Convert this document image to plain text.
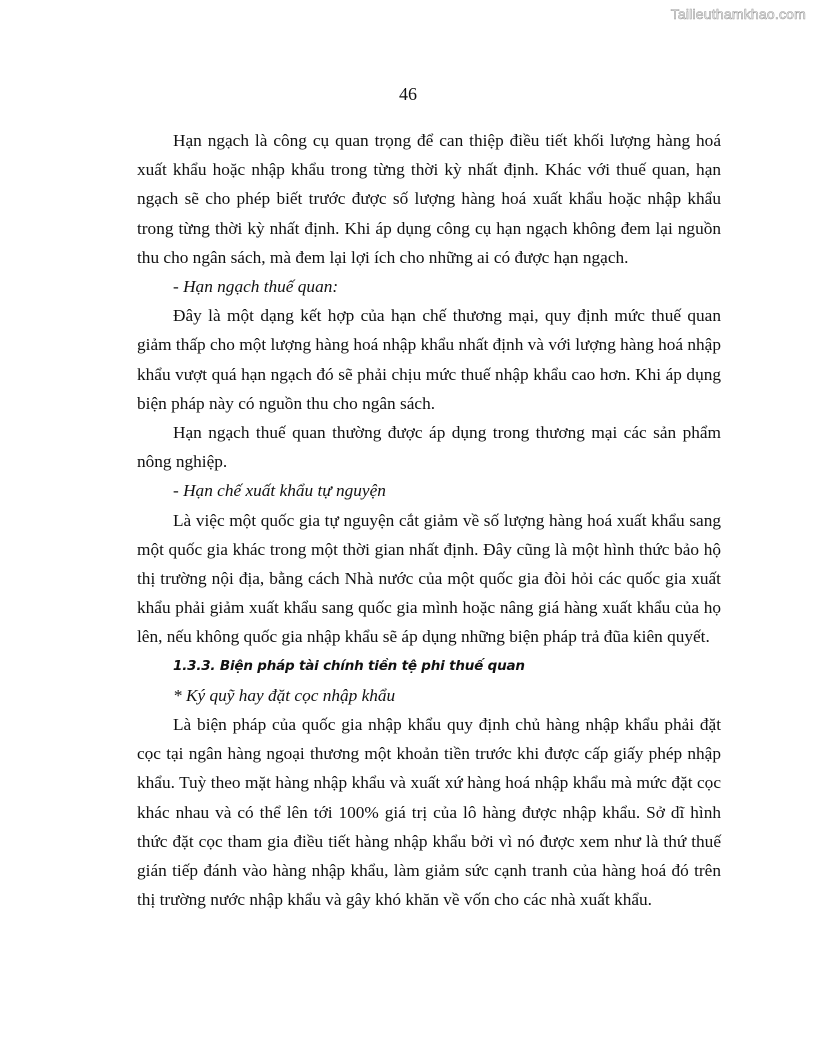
Tailieuthamkhao.com
46

Hạn ngạch là công cụ quan trọng để can thiệp điều tiết khối lượng hàng hoá xuất khẩu hoặc nhập khẩu trong từng thời kỳ nhất định. Khác với thuế quan, hạn ngạch sẽ cho phép biết trước được số lượng hàng hoá xuất khẩu hoặc nhập khẩu trong từng thời kỳ nhất định. Khi áp dụng công cụ hạn ngạch không đem lại nguồn thu cho ngân sách, mà đem lại lợi ích cho những ai có được hạn ngạch.

- Hạn ngạch thuế quan:

Đây là một dạng kết hợp của hạn chế thương mại, quy định mức thuế quan giảm thấp cho một lượng hàng hoá nhập khẩu nhất định và với lượng hàng hoá nhập khẩu vượt quá hạn ngạch đó sẽ phải chịu mức thuế nhập khẩu cao hơn. Khi áp dụng biện pháp này có nguồn thu cho ngân sách.

Hạn ngạch thuế quan thường được áp dụng trong thương mại các sản phẩm nông nghiệp.

- Hạn chế xuất khẩu tự nguyện

Là việc một quốc gia tự nguyện cắt giảm về số lượng hàng hoá xuất khẩu sang một quốc gia khác trong một thời gian nhất định. Đây cũng là một hình thức bảo hộ thị trường nội địa, bằng cách Nhà nước của một quốc gia đòi hỏi các quốc gia xuất khẩu phải giảm xuất khẩu sang quốc gia mình hoặc nâng giá hàng xuất khẩu của họ lên, nếu không quốc gia nhập khẩu sẽ áp dụng những biện pháp trả đũa kiên quyết.

1.3.3. Biện pháp tài chính tiền tệ phi thuế quan

* Ký quỹ hay đặt cọc nhập khẩu

Là biện pháp của quốc gia nhập khẩu quy định chủ hàng nhập khẩu phải đặt cọc tại ngân hàng ngoại thương một khoản tiền trước khi được cấp giấy phép nhập khẩu. Tuỳ theo mặt hàng nhập khẩu và xuất xứ hàng hoá nhập khẩu mà mức đặt cọc khác nhau và có thể lên tới 100% giá trị của lô hàng được nhập khẩu. Sở dĩ hình thức đặt cọc tham gia điều tiết hàng nhập khẩu bởi vì nó được xem như là thứ thuế gián tiếp đánh vào hàng nhập khẩu, làm giảm sức cạnh tranh của hàng hoá đó trên thị trường nước nhập khẩu và gây khó khăn về vốn cho các nhà xuất khẩu.
